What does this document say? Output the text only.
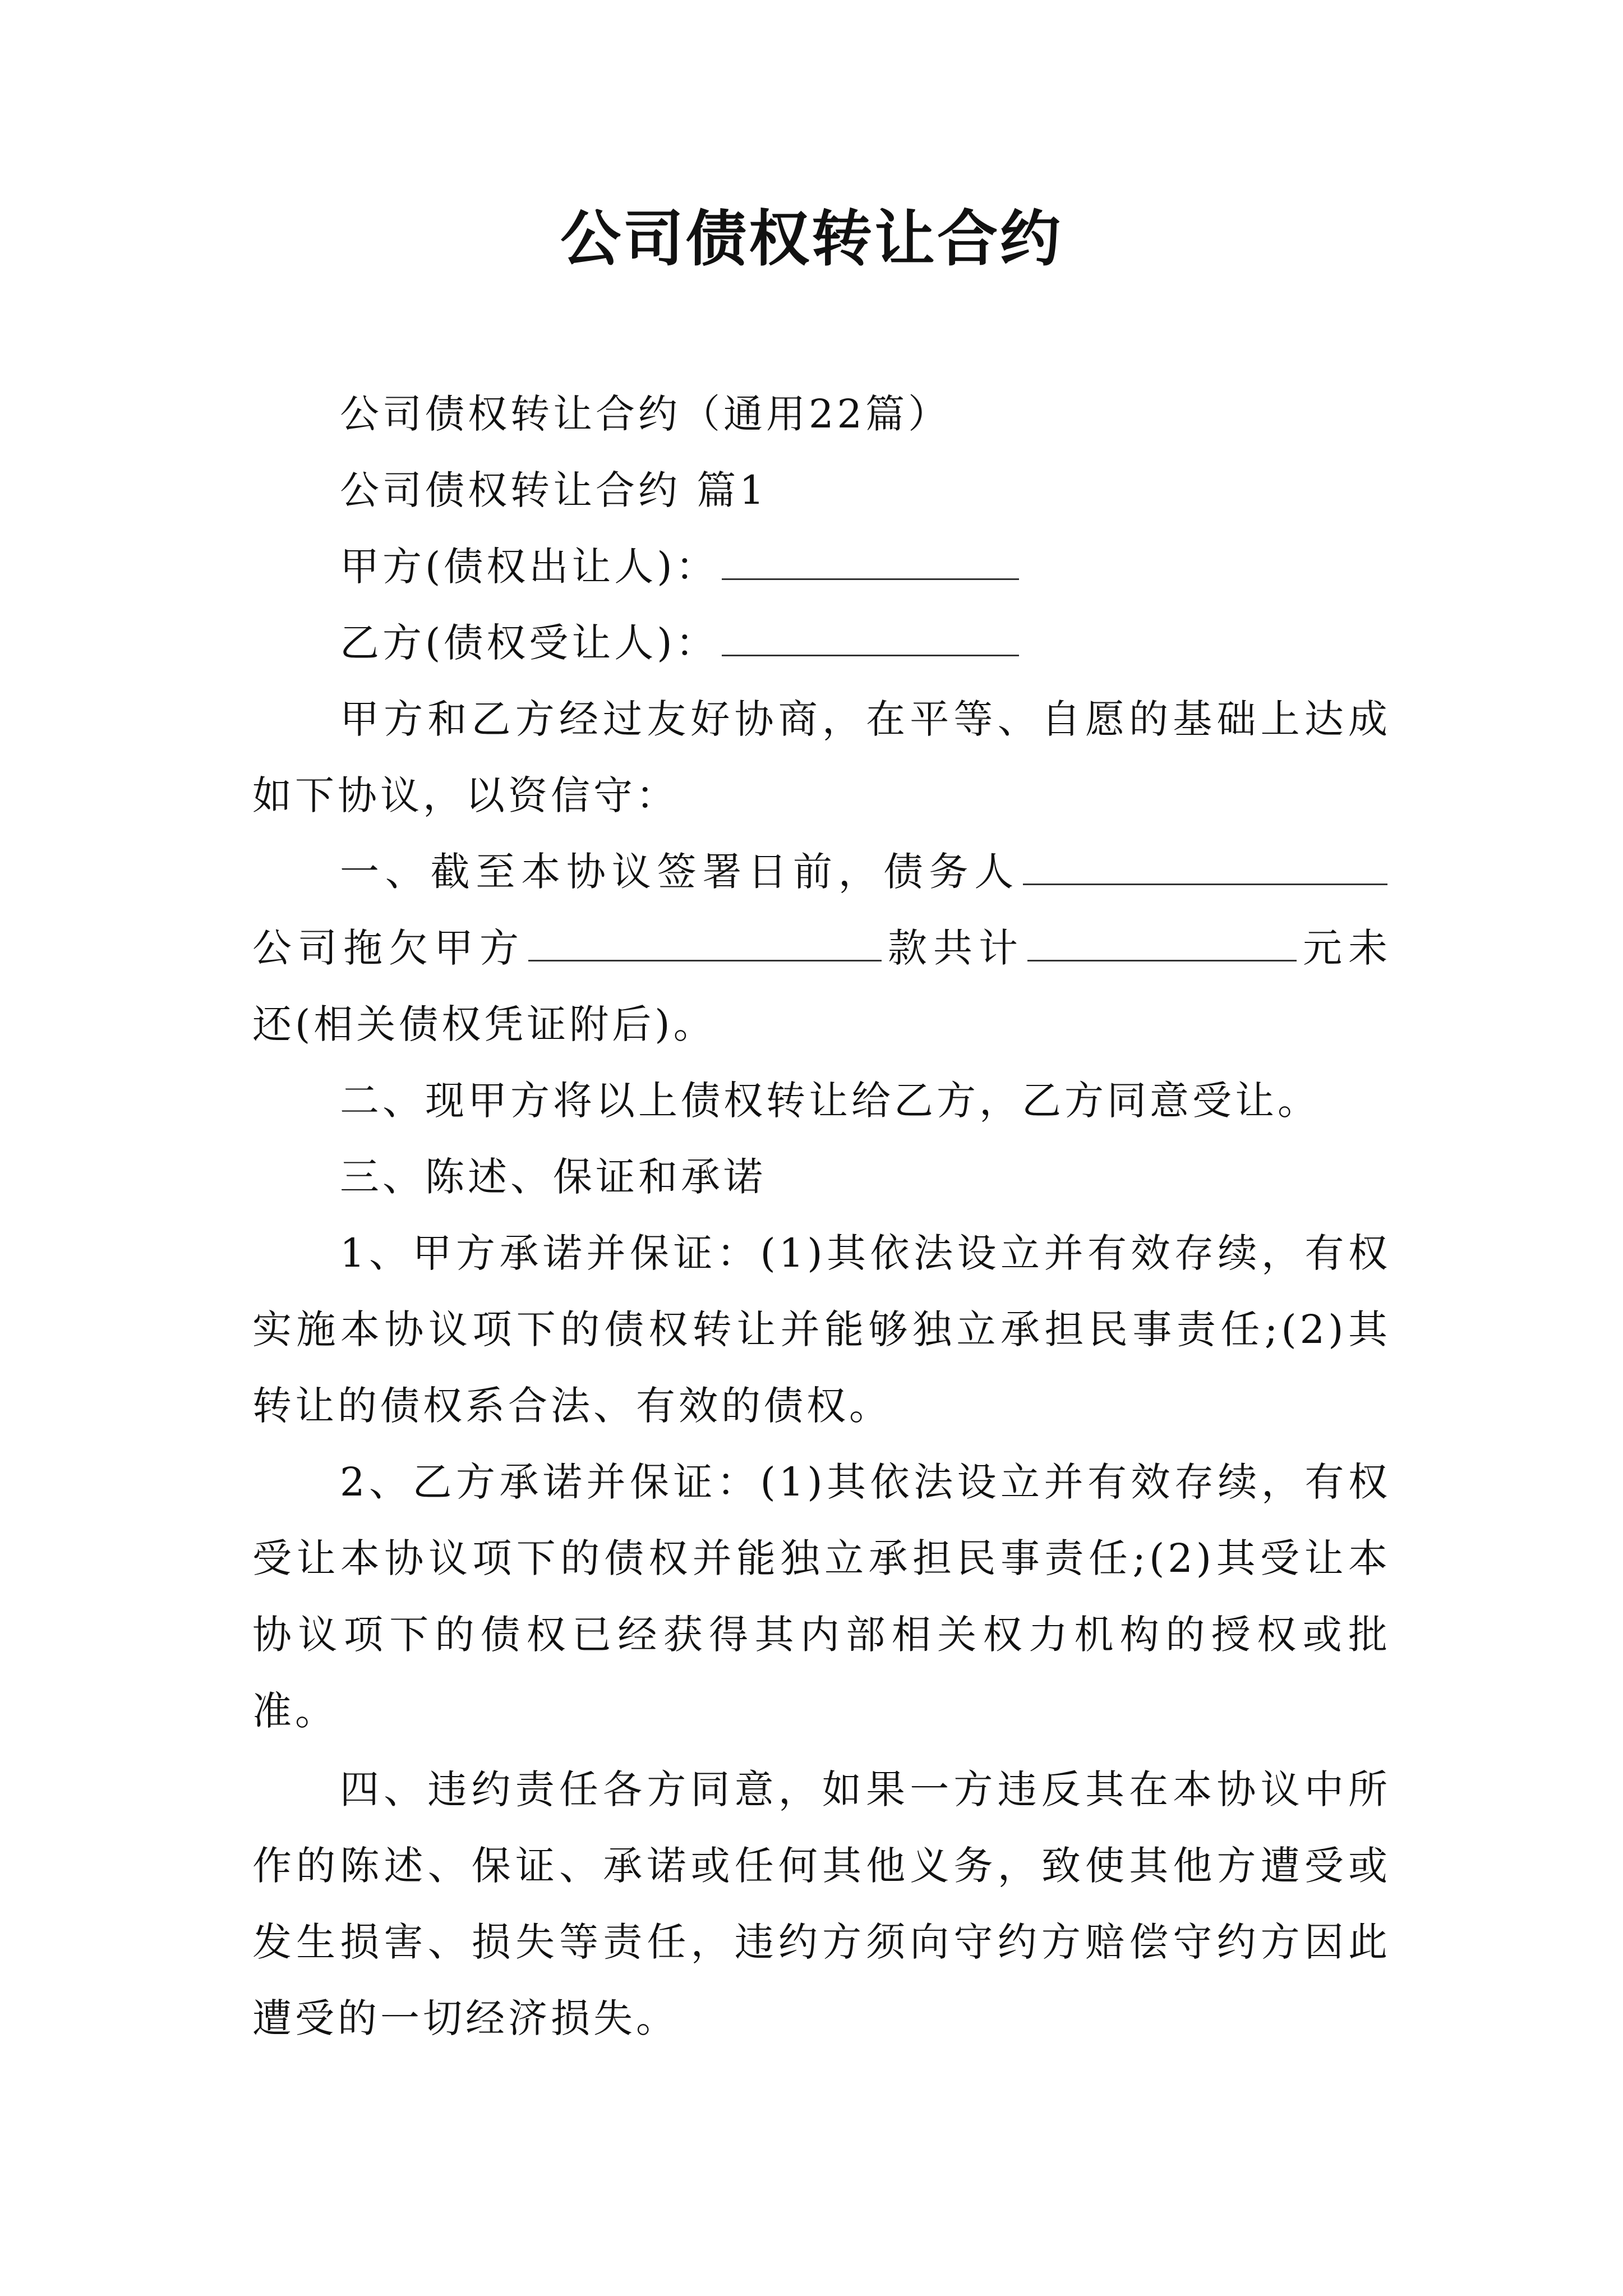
公司债权转让合约

公司债权转让合约（通用22篇）

公司债权转让合约 篇1

甲方(债权出让人)：

乙方(债权受让人)：

甲方和乙方经过友好协商，在平等、自愿的基础上达成如下协议，以资信守：

一、截至本协议签署日前，债务人公司拖欠甲方	款共计	元未还(相关债权凭证附后)。

二、现甲方将以上债权转让给乙方，乙方同意受让。

三、陈述、保证和承诺

1、甲方承诺并保证：(1)其依法设立并有效存续，有权实施本协议项下的债权转让并能够独立承担民事责任;(2)其转让的债权系合法、有效的债权。

2、乙方承诺并保证：(1)其依法设立并有效存续，有权受让本协议项下的债权并能独立承担民事责任;(2)其受让本协议项下的债权已经获得其内部相关权力机构的授权或批准。

四、违约责任各方同意，如果一方违反其在本协议中所作的陈述、保证、承诺或任何其他义务，致使其他方遭受或发生损害、损失等责任，违约方须向守约方赔偿守约方因此遭受的一切经济损失。
